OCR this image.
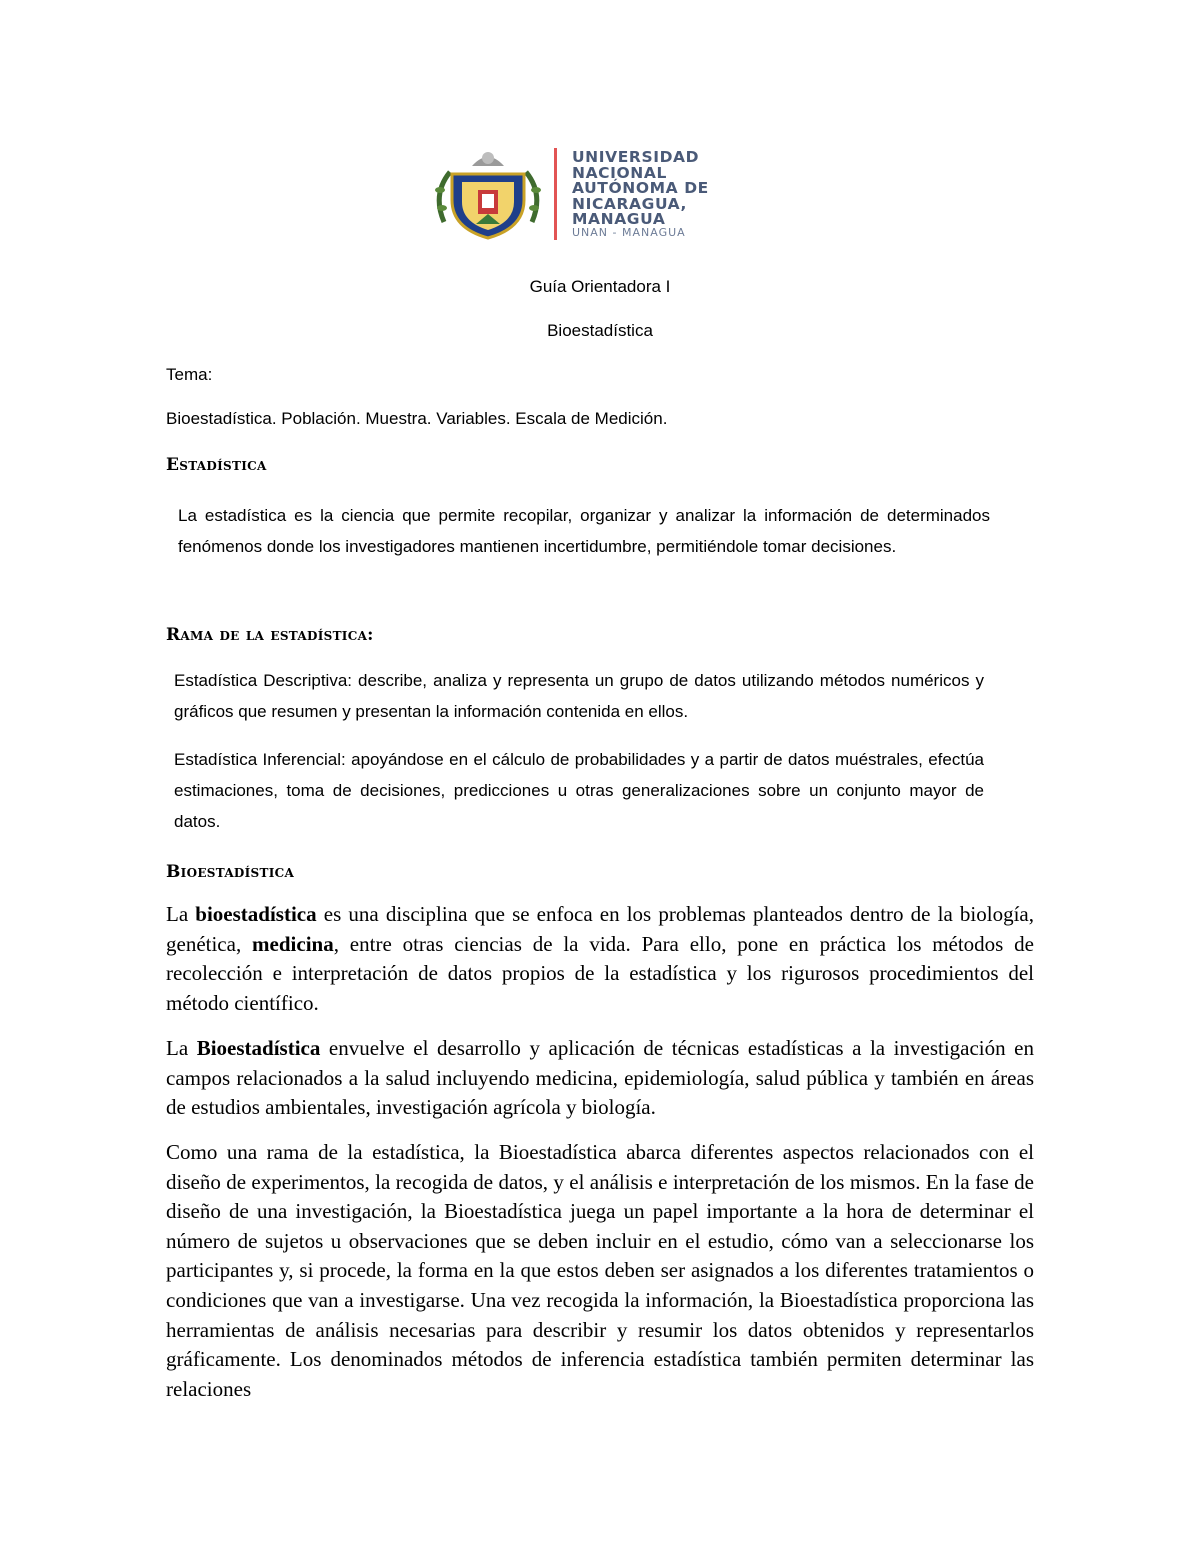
UNIVERSIDAD
NACIONAL
AUTÓNOMA DE
NICARAGUA,
MANAGUA
UNAN - MANAGUA
Guía Orientadora I
Bioestadística
Tema:
Bioestadística. Población. Muestra. Variables. Escala de Medición.
Estadística
La estadística es la ciencia que permite recopilar, organizar y analizar la información de determinados fenómenos donde los investigadores mantienen incertidumbre, permitiéndole tomar decisiones.
Rama de la estadística:
Estadística Descriptiva: describe, analiza y representa un grupo de datos utilizando métodos numéricos y gráficos que resumen y presentan la información contenida en ellos.
Estadística Inferencial: apoyándose en el cálculo de probabilidades y a partir de datos muéstrales, efectúa estimaciones, toma de decisiones, predicciones u otras generalizaciones sobre un conjunto mayor de datos.
Bioestadística
La bioestadística es una disciplina que se enfoca en los problemas planteados dentro de la biología, genética, medicina, entre otras ciencias de la vida. Para ello, pone en práctica los métodos de recolección e interpretación de datos propios de la estadística y los rigurosos procedimientos del método científico.
La Bioestadística envuelve el desarrollo y aplicación de técnicas estadísticas a la investigación en campos relacionados a la salud incluyendo medicina, epidemiología, salud pública y también en áreas de estudios ambientales, investigación agrícola y biología.
Como una rama de la estadística, la Bioestadística abarca diferentes aspectos relacionados con el diseño de experimentos, la recogida de datos, y el análisis e interpretación de los mismos. En la fase de diseño de una investigación, la Bioestadística juega un papel importante a la hora de determinar el número de sujetos u observaciones que se deben incluir en el estudio, cómo van a seleccionarse los participantes y, si procede, la forma en la que estos deben ser asignados a los diferentes tratamientos o condiciones que van a investigarse. Una vez recogida la información, la Bioestadística proporciona las herramientas de análisis necesarias para describir y resumir los datos obtenidos y representarlos gráficamente. Los denominados métodos de inferencia estadística también permiten determinar las relaciones
